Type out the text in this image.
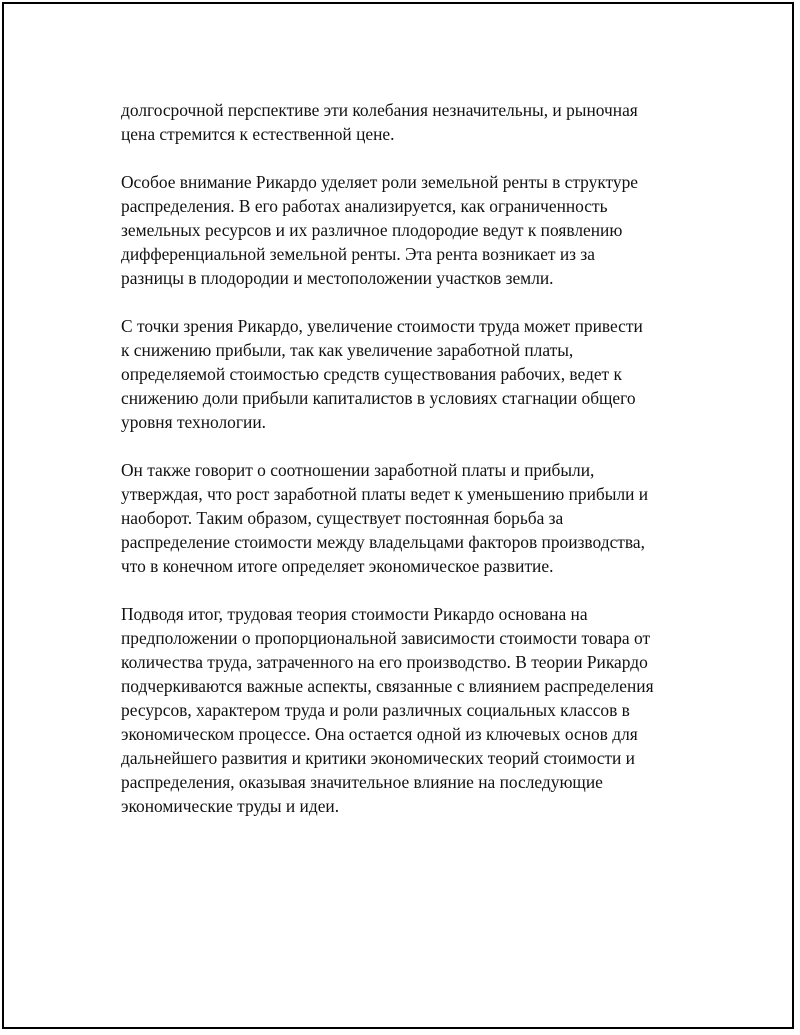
долгосрочной перспективе эти колебания незначительны, и рыночная
цена стремится к естественной цене.

Особое внимание Рикардо уделяет роли земельной ренты в структуре
распределения. В его работах анализируется, как ограниченность
земельных ресурсов и их различное плодородие ведут к появлению
дифференциальной земельной ренты. Эта рента возникает из за
разницы в плодородии и местоположении участков земли.

С точки зрения Рикардо, увеличение стоимости труда может привести
к снижению прибыли, так как увеличение заработной платы,
определяемой стоимостью средств существования рабочих, ведет к
снижению доли прибыли капиталистов в условиях стагнации общего
уровня технологии.

Он также говорит о соотношении заработной платы и прибыли,
утверждая, что рост заработной платы ведет к уменьшению прибыли и
наоборот. Таким образом, существует постоянная борьба за
распределение стоимости между владельцами факторов производства,
что в конечном итоге определяет экономическое развитие.

Подводя итог, трудовая теория стоимости Рикардо основана на
предположении о пропорциональной зависимости стоимости товара от
количества труда, затраченного на его производство. В теории Рикардо
подчеркиваются важные аспекты, связанные с влиянием распределения
ресурсов, характером труда и роли различных социальных классов в
экономическом процессе. Она остается одной из ключевых основ для
дальнейшего развития и критики экономических теорий стоимости и
распределения, оказывая значительное влияние на последующие
экономические труды и идеи.
